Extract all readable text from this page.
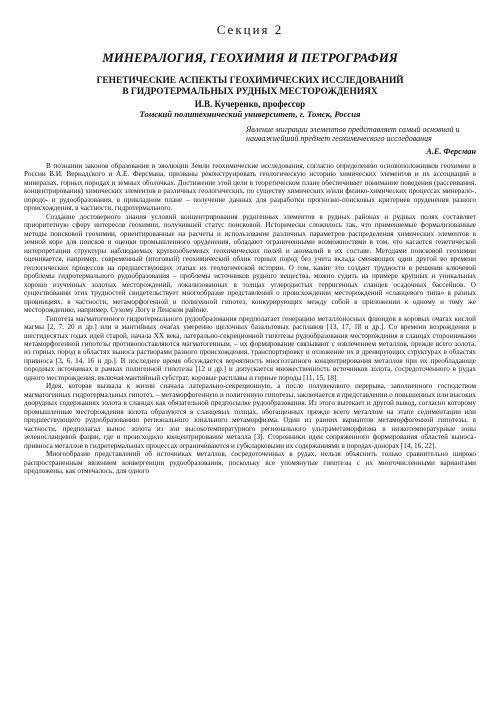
Секция 2
МИНЕРАЛОГИЯ, ГЕОХИМИЯ И ПЕТРОГРАФИЯ
ГЕНЕТИЧЕСКИЕ АСПЕКТЫ ГЕОХИМИЧЕСКИХ ИССЛЕДОВАНИЙ
В ГИДРОТЕРМАЛЬНЫХ РУДНЫХ МЕСТОРОЖДЕНИЯХ
И.В. Кучеренко, профессор
Томский политехнический университет, г. Томск, Россия
Явление миграции элементов представляет самый основной и наиважнейший предмет геохимического исследования
А.Е. Ферсман

В познании законов образования и эволюции Земли геохимические исследования, согласно определению основоположников геохимии в России В.И. Вернадского и А.Е. Ферсмана, призваны реконструировать геологическую историю химических элементов и их ассоциаций в минералах, горных породах и земных оболочках. Достижение этой цели в теоретическом плане обеспечивает понимание поведения (рассеивания, концентрирования) химических элементов в различных геологических, по существу химических и/или физико-химических процессах минерало-, породо- и рудообразования, в прикладном плане – получение данных для разработки прогнозно-поисковых критериев оруденения разного происхождения, в частности, гидротермального.

Создание достоверного знания условий концентрирования рудогенных элементов в рудных районах и рудных полях составляет приоритетную сферу интересов геохимии, получившей статус поисковой. Исторически сложилось так, что применяемые формализованные методы поисковой геохимии, ориентированные на расчеты и использование различных параметров распределения химических элементов в земной коре для поисков и оценки промышленного оруденения, обладают ограниченными возможностями в том, что касается генетической интерпретации структуры наблюдаемых крупнообъемных геохимических полей и аномалий в их составе. Методами поисковой геохимии оценивается, например, современный (итоговый) геохимический облик горных пород без учета вклада сменяющих один другой во времени геологических процессов на предшествующих этапах их геологической истории. О том, какие это создает трудности в решении ключевой проблемы гидротермального рудообразования – проблемы источников рудного вещества, можно судить на примере крупных и уникальных хорошо изученных золотых месторождений, локализованных в толщах углеродистых терригенных сланцев осадочных бассейнов. О существовании этих трудностей свидетельствует многообразие представлений о происхождении месторождений «сланцевого типа» в разных провинциях, в частности, метаморфогенной и полигенной гипотез, конкурирующих между собой в приложении к одному и тому же месторождению, например, Сухому Логу в Ленском районе.

Гипотеза магматогенного гидротермального рудообразования предполагает генерацию металлоносных флюидов в коровых очагах кислой магмы [2, 7, 20 и др.] или в мантийных очагах умеренно щелочных базальтовых расплавов [13, 17, 18 и др.]. Со времени возрождения в шестидесятых годах идей старой, начала XX века, латерально-секреционной гипотезы рудообразования месторождения в сланцах сторонниками метаморфогенной гипотезы противопоставляются магматогенным, – их формирование связывают с извлечением металлов, прежде всего золота, из горных пород в областях выноса растворами разного происхождения, транспортировку и отложение их в дренирующих структурах в областях привноса [3, 6, 14, 16 и др.]. В последнее время обсуждается вероятность многоэтапного концентрирования металлов при их преобладающе породных источниках в рамках полигенной гипотезы [12 и др.] и допускается множественность источников золота, сосредоточенного в рудах одного месторождения, включая мантийный субстрат, коровые расплавы и горные породы [11, 15, 18].

Идея, которая вызвала к жизни сначала латерально-секреционную, а после полувекового перерыва, заполненного господством магматогенных гидротермальных гипотез, – метаморфогенную и полигенную гипотезы, заключается в представлении о повышенных или высоких доорудных содержаниях золота в сланцах как обязательной предпосылке рудообразования. Из этого вытекает и другой вывод, согласно которому промышленные месторождения золота образуются в сланцевых толщах, обогащенных прежде всего металлом на этапе седиментации или предшествующего рудообразованию регионального зонального метаморфизма. Один из ранних вариантов метаморфогенной гипотезы, в частности, предполагал вынос золота из зон высокотемпературного регионального ультраметаморфизма в низкотемпературные зоны зеленосланцевой фации, где и происходило концентрирование металла [3]. Сторонники идеи сопряженного формирования областей выноса-привноса металлов в гидротермальных процессах ограничиваются и субкларковыми их содержаниями в породах-донорах [14, 16, 22].

Многообразие представлений об источниках металлов, сосредоточенных в рудах, нельзя объяснить только сравнительно широко распространенным явлением конвергенции рудообразования, поскольку все упомянутые гипотезы с их многочисленными вариантами предложены, как отмечалось, для одного
